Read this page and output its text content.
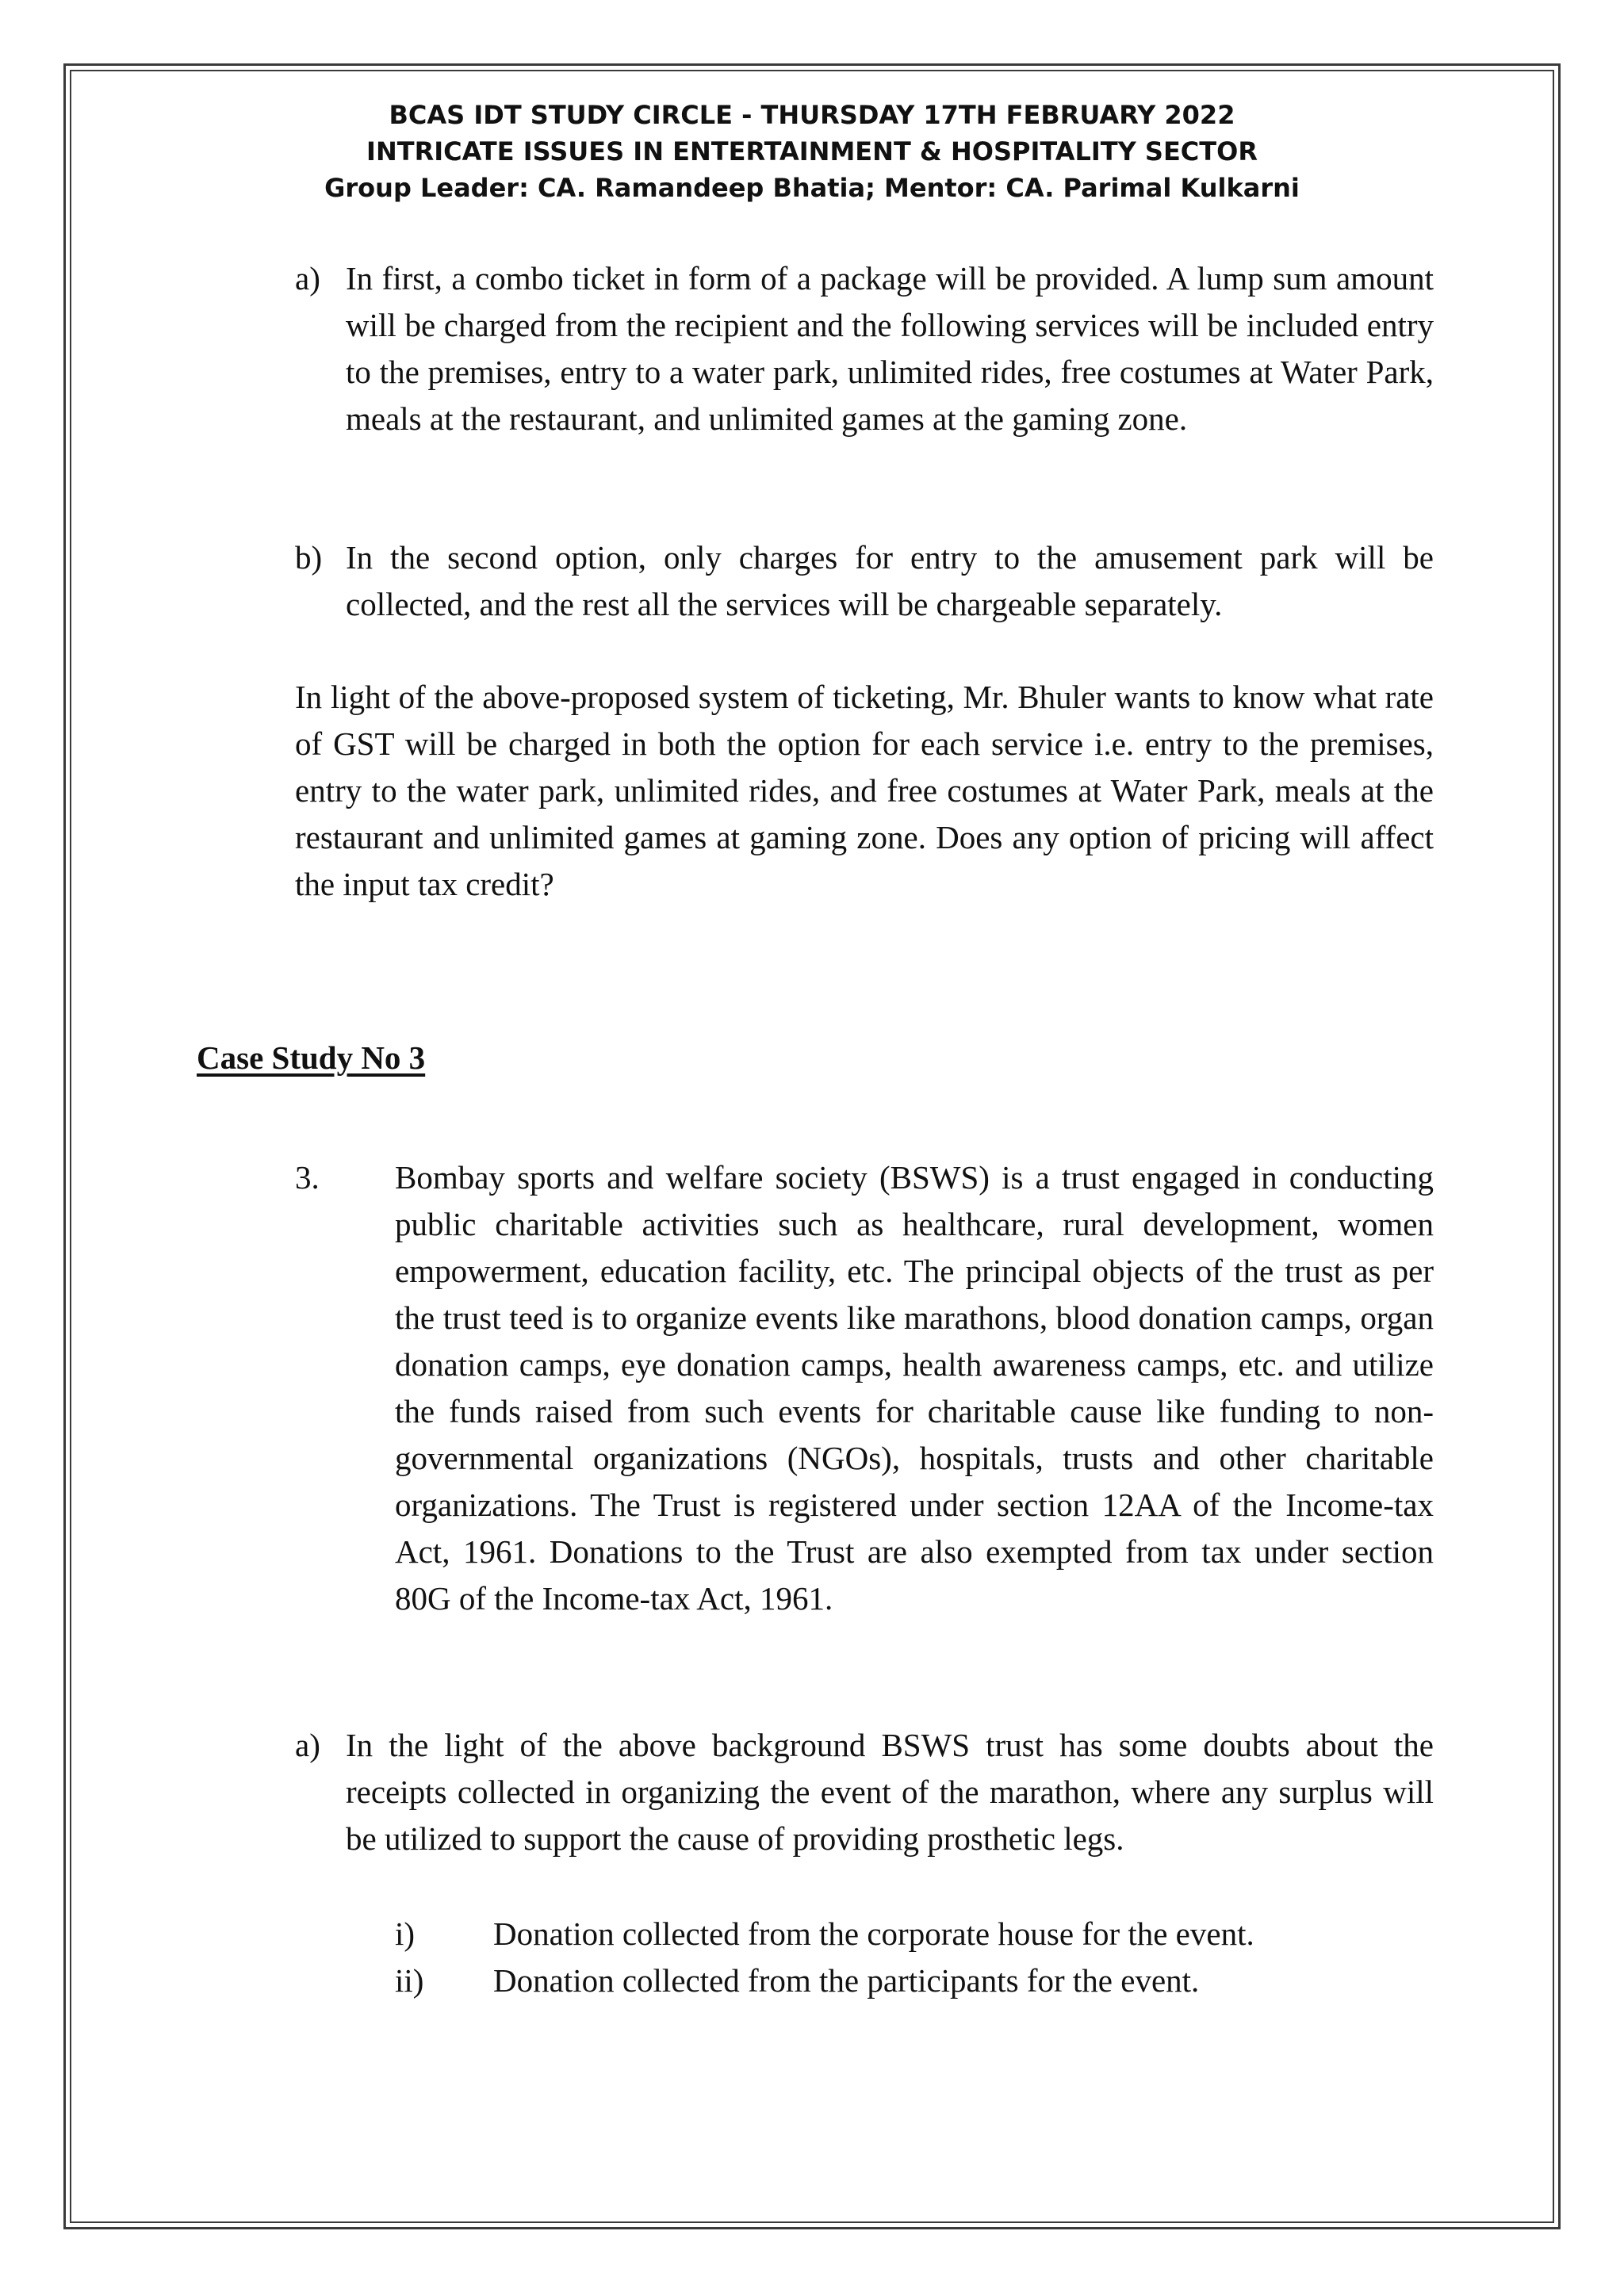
BCAS IDT STUDY CIRCLE - THURSDAY 17TH FEBRUARY 2022
INTRICATE ISSUES IN ENTERTAINMENT & HOSPITALITY SECTOR
Group Leader: CA. Ramandeep Bhatia; Mentor: CA. Parimal Kulkarni
a) In first, a combo ticket in form of a package will be provided. A lump sum amount will be charged from the recipient and the following services will be included entry to the premises, entry to a water park, unlimited rides, free costumes at Water Park, meals at the restaurant, and unlimited games at the gaming zone.
b) In the second option, only charges for entry to the amusement park will be collected, and the rest all the services will be chargeable separately.
In light of the above-proposed system of ticketing, Mr. Bhuler wants to know what rate of GST will be charged in both the option for each service i.e. entry to the premises, entry to the water park, unlimited rides, and free costumes at Water Park, meals at the restaurant and unlimited games at gaming zone. Does any option of pricing will affect the input tax credit?
Case Study No 3
3. Bombay sports and welfare society (BSWS) is a trust engaged in conducting public charitable activities such as healthcare, rural development, women empowerment, education facility, etc. The principal objects of the trust as per the trust teed is to organize events like marathons, blood donation camps, organ donation camps, eye donation camps, health awareness camps, etc. and utilize the funds raised from such events for charitable cause like funding to non-governmental organizations (NGOs), hospitals, trusts and other charitable organizations. The Trust is registered under section 12AA of the Income-tax Act, 1961. Donations to the Trust are also exempted from tax under section 80G of the Income-tax Act, 1961.
a) In the light of the above background BSWS trust has some doubts about the receipts collected in organizing the event of the marathon, where any surplus will be utilized to support the cause of providing prosthetic legs.
i) Donation collected from the corporate house for the event.
ii) Donation collected from the participants for the event.
